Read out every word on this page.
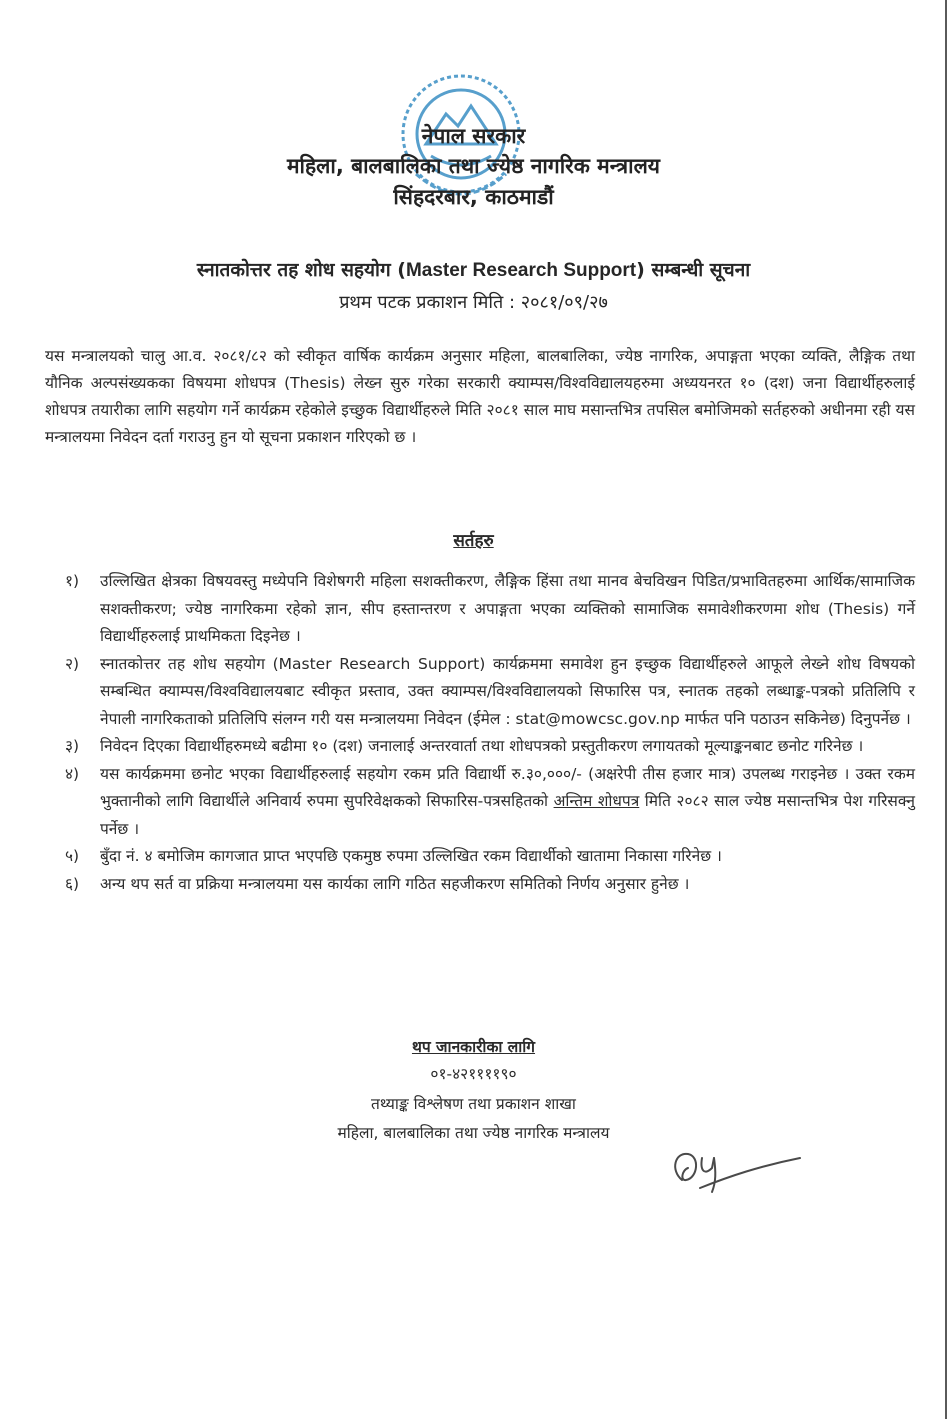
नेपाल सरकार
महिला, बालबालिका तथा ज्येष्ठ नागरिक मन्त्रालय
सिंहदरबार, काठमाडौं
स्नातकोत्तर तह शोध सहयोग (Master Research Support) सम्बन्धी सूचना
प्रथम पटक प्रकाशन मिति : २०८१/०९/२७
यस मन्त्रालयको चालु आ.व. २०८१/८२ को स्वीकृत वार्षिक कार्यक्रम अनुसार महिला, बालबालिका, ज्येष्ठ नागरिक, अपाङ्गता भएका व्यक्ति, लैङ्गिक तथा यौनिक अल्पसंख्यकका विषयमा शोधपत्र (Thesis) लेख्न सुरु गरेका सरकारी क्याम्पस/विश्वविद्यालयहरुमा अध्ययनरत १० (दश) जना विद्यार्थीहरुलाई शोधपत्र तयारीका लागि सहयोग गर्ने कार्यक्रम रहेकोले इच्छुक विद्यार्थीहरुले मिति २०८१ साल माघ मसान्तभित्र तपसिल बमोजिमको सर्तहरुको अधीनमा रही यस मन्त्रालयमा निवेदन दर्ता गराउनु हुन यो सूचना प्रकाशन गरिएको छ ।
सर्तहरु
१)	उल्लिखित क्षेत्रका विषयवस्तु मध्येपनि विशेषगरी महिला सशक्तीकरण, लैङ्गिक हिंसा तथा मानव बेचविखन पिडित/प्रभावितहरुमा आर्थिक/सामाजिक सशक्तीकरण; ज्येष्ठ नागरिकमा रहेको ज्ञान, सीप हस्तान्तरण र अपाङ्गता भएका व्यक्तिको सामाजिक समावेशीकरणमा शोध (Thesis) गर्ने विद्यार्थीहरुलाई प्राथमिकता दिइनेछ ।
२)	स्नातकोत्तर तह शोध सहयोग (Master Research Support) कार्यक्रममा समावेश हुन इच्छुक विद्यार्थीहरुले आफूले लेख्ने शोध विषयको सम्बन्धित क्याम्पस/विश्वविद्यालयबाट स्वीकृत प्रस्ताव, उक्त क्याम्पस/विश्वविद्यालयको सिफारिस पत्र, स्नातक तहको लब्धाङ्क-पत्रको प्रतिलिपि र नेपाली नागरिकताको प्रतिलिपि संलग्न गरी यस मन्त्रालयमा निवेदन (ईमेल : stat@mowcsc.gov.np मार्फत पनि पठाउन सकिनेछ) दिनुपर्नेछ ।
३)	निवेदन दिएका विद्यार्थीहरुमध्ये बढीमा १० (दश) जनालाई अन्तरवार्ता तथा शोधपत्रको प्रस्तुतीकरण लगायतको मूल्याङ्कनबाट छनोट गरिनेछ ।
४)	यस कार्यक्रममा छनोट भएका विद्यार्थीहरुलाई सहयोग रकम प्रति विद्यार्थी रु.३०,०००/- (अक्षरेपी तीस हजार मात्र) उपलब्ध गराइनेछ । उक्त रकम भुक्तानीको लागि विद्यार्थीले अनिवार्य रुपमा सुपरिवेक्षकको सिफारिस-पत्रसहितको अन्तिम शोधपत्र मिति २०८२ साल ज्येष्ठ मसान्तभित्र पेश गरिसक्नु पर्नेछ ।
५)	बुँदा नं. ४ बमोजिम कागजात प्राप्त भएपछि एकमुष्ठ रुपमा उल्लिखित रकम विद्यार्थीको खातामा निकासा गरिनेछ ।
६)	अन्य थप सर्त वा प्रक्रिया मन्त्रालयमा यस कार्यका लागि गठित सहजीकरण समितिको निर्णय अनुसार हुनेछ ।
थप जानकारीका लागि
०१-४२११११९०
तथ्याङ्क विश्लेषण तथा प्रकाशन शाखा
महिला, बालबालिका तथा ज्येष्ठ नागरिक मन्त्रालय
